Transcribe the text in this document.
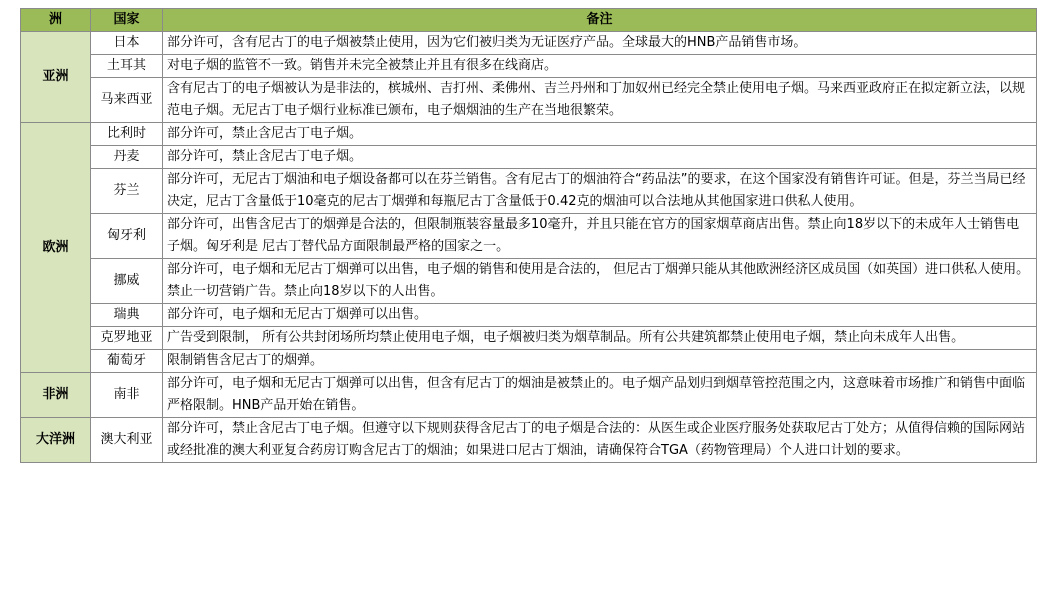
洲	国家	备注
亚洲	日本	部分许可，含有尼古丁的电子烟被禁止使用，因为它们被归类为无证医疗产品。全球最大的HNB产品销售市场。
	土耳其	对电子烟的监管不一致。销售并未完全被禁止并且有很多在线商店。
	马来西亚	含有尼古丁的电子烟被认为是非法的，槟城州、吉打州、柔佛州、吉兰丹州和丁加奴州已经完全禁止使用电子烟。马来西亚政府正在拟定新立法，以规范电子烟。无尼古丁电子烟行业标准已颁布，电子烟烟油的生产在当地很繁荣。
欧洲	比利时	部分许可，禁止含尼古丁电子烟。
	丹麦	部分许可，禁止含尼古丁电子烟。
	芬兰	部分许可，无尼古丁烟油和电子烟设备都可以在芬兰销售。含有尼古丁的烟油符合“药品法”的要求，在这个国家没有销售许可证。但是，芬兰当局已经决定，尼古丁含量低于10毫克的尼古丁烟弹和每瓶尼古丁含量低于0.42克的烟油可以合法地从其他国家进口供私人使用。
	匈牙利	部分许可，出售含尼古丁的烟弹是合法的，但限制瓶装容量最多10毫升，并且只能在官方的国家烟草商店出售。禁止向18岁以下的未成年人士销售电子烟。匈牙利是 尼古丁替代品方面限制最严格的国家之一。
	挪威	部分许可，电子烟和无尼古丁烟弹可以出售，电子烟的销售和使用是合法的， 但尼古丁烟弹只能从其他欧洲经济区成员国（如英国）进口供私人使用。禁止一切营销广告。禁止向18岁以下的人出售。
	瑞典	部分许可，电子烟和无尼古丁烟弹可以出售。
	克罗地亚	广告受到限制， 所有公共封闭场所均禁止使用电子烟，电子烟被归类为烟草制品。所有公共建筑都禁止使用电子烟，禁止向未成年人出售。
	葡萄牙	限制销售含尼古丁的烟弹。
非洲	南非	部分许可，电子烟和无尼古丁烟弹可以出售，但含有尼古丁的烟油是被禁止的。电子烟产品划归到烟草管控范围之内，这意味着市场推广和销售中面临严格限制。HNB产品开始在销售。
大洋洲	澳大利亚	部分许可，禁止含尼古丁电子烟。但遵守以下规则获得含尼古丁的电子烟是合法的：从医生或企业医疗服务处获取尼古丁处方；从值得信赖的国际网站或经批准的澳大利亚复合药房订购含尼古丁的烟油；如果进口尼古丁烟油，请确保符合TGA（药物管理局）个人进口计划的要求。
